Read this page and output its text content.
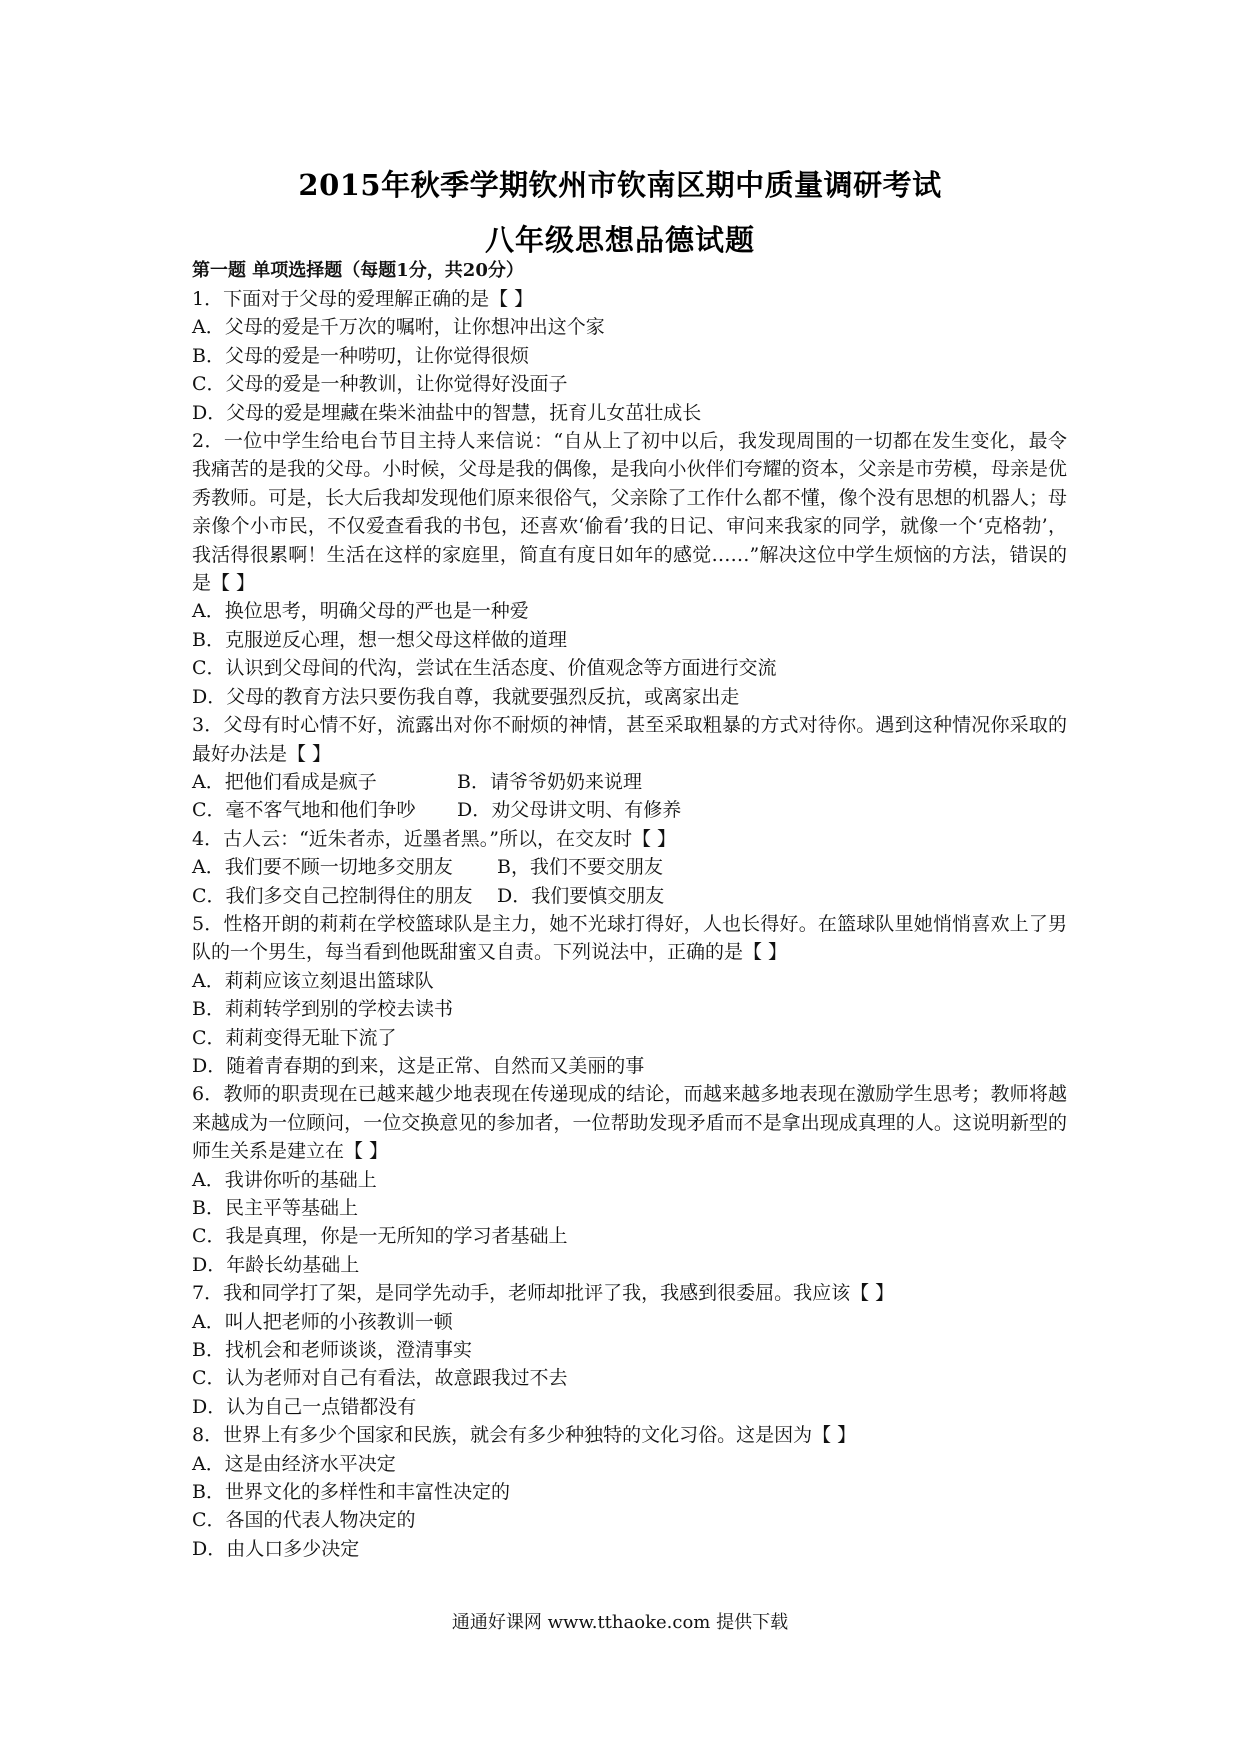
2015年秋季学期钦州市钦南区期中质量调研考试
八年级思想品德试题
第一题 单项选择题（每题1分，共20分）
1．下面对于父母的爱理解正确的是【 】
A．父母的爱是千万次的嘱咐，让你想冲出这个家
B．父母的爱是一种唠叨，让你觉得很烦
C．父母的爱是一种教训，让你觉得好没面子
D．父母的爱是埋藏在柴米油盐中的智慧，抚育儿女茁壮成长
2．一位中学生给电台节目主持人来信说：“自从上了初中以后，我发现周围的一切都在发生变化，最令我痛苦的是我的父母。小时候，父母是我的偶像，是我向小伙伴们夸耀的资本，父亲是市劳模，母亲是优秀教师。可是，长大后我却发现他们原来很俗气，父亲除了工作什么都不懂，像个没有思想的机器人；母亲像个小市民，不仅爱查看我的书包，还喜欢‘偷看’我的日记、审问来我家的同学，就像一个‘克格勃’，我活得很累啊！生活在这样的家庭里，简直有度日如年的感觉……”解决这位中学生烦恼的方法，错误的是【 】
A．换位思考，明确父母的严也是一种爱
B．克服逆反心理，想一想父母这样做的道理
C．认识到父母间的代沟，尝试在生活态度、价值观念等方面进行交流
D．父母的教育方法只要伤我自尊，我就要强烈反抗，或离家出走
3．父母有时心情不好，流露出对你不耐烦的神情，甚至采取粗暴的方式对待你。遇到这种情况你采取的最好办法是【 】
A．把他们看成是疯子	B．请爷爷奶奶来说理
C．毫不客气地和他们争吵 D．劝父母讲文明、有修养
4．古人云：“近朱者赤，近墨者黑。”所以，在交友时【 】
A．我们要不顾一切地多交朋友 B，我们不要交朋友
C．我们多交自己控制得住的朋友 D．我们要慎交朋友
5．性格开朗的莉莉在学校篮球队是主力，她不光球打得好，人也长得好。在篮球队里她悄悄喜欢上了男队的一个男生，每当看到他既甜蜜又自责。下列说法中，正确的是【 】
A．莉莉应该立刻退出篮球队
B．莉莉转学到别的学校去读书
C．莉莉变得无耻下流了
D．随着青春期的到来，这是正常、自然而又美丽的事
6．教师的职责现在已越来越少地表现在传递现成的结论，而越来越多地表现在激励学生思考；教师将越来越成为一位顾问，一位交换意见的参加者，一位帮助发现矛盾而不是拿出现成真理的人。这说明新型的师生关系是建立在【 】
A．我讲你听的基础上
B．民主平等基础上
C．我是真理，你是一无所知的学习者基础上
D．年龄长幼基础上
7．我和同学打了架，是同学先动手，老师却批评了我，我感到很委屈。我应该【 】
A．叫人把老师的小孩教训一顿
B．找机会和老师谈谈，澄清事实
C．认为老师对自己有看法，故意跟我过不去
D．认为自己一点错都没有
8．世界上有多少个国家和民族，就会有多少种独特的文化习俗。这是因为【 】
A．这是由经济水平决定
B．世界文化的多样性和丰富性决定的
C．各国的代表人物决定的
D．由人口多少决定
通通好课网 www.tthaoke.com 提供下载
